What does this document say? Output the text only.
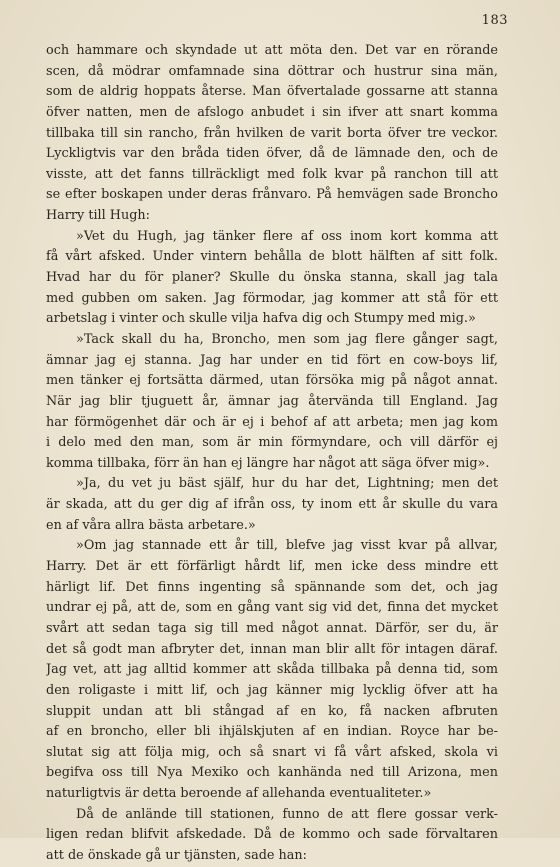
183
och hammare och skyndade ut att möta den. Det var en rörande
scen, då mödrar omfamnade sina döttrar och hustrur sina män,
som de aldrig hoppats återse. Man öfvertalade gossarne att stanna
öfver natten, men de afslogo anbudet i sin ifver att snart komma
tillbaka till sin rancho, från hvilken de varit borta öfver tre veckor.
Lyckligtvis var den bråda tiden öfver, då de lämnade den, och de
visste, att det fanns tillräckligt med folk kvar på ranchon till att
se efter boskapen under deras frånvaro. På hemvägen sade Broncho
Harry till Hugh:
»Vet du Hugh, jag tänker flere af oss inom kort komma att
få vårt afsked. Under vintern behålla de blott hälften af sitt folk.
Hvad har du för planer? Skulle du önska stanna, skall jag tala
med gubben om saken. Jag förmodar, jag kommer att stå för ett
arbetslag i vinter och skulle vilja hafva dig och Stumpy med mig.»
»Tack skall du ha, Broncho, men som jag flere gånger sagt,
ämnar jag ej stanna. Jag har under en tid fört en cow-boys lif,
men tänker ej fortsätta därmed, utan försöka mig på något annat.
När jag blir tjuguett år, ämnar jag återvända till England. Jag
har förmögenhet där och är ej i behof af att arbeta; men jag kom
i delo med den man, som är min förmyndare, och vill därför ej
komma tillbaka, förr än han ej längre har något att säga öfver mig».
»Ja, du vet ju bäst själf, hur du har det, Lightning; men det
är skada, att du ger dig af ifrån oss, ty inom ett år skulle du vara
en af våra allra bästa arbetare.»
»Om jag stannade ett år till, blefve jag visst kvar på allvar,
Harry. Det är ett förfärligt hårdt lif, men icke dess mindre ett
härligt lif. Det finns ingenting så spännande som det, och jag
undrar ej på, att de, som en gång vant sig vid det, finna det mycket
svårt att sedan taga sig till med något annat. Därför, ser du, är
det så godt man afbryter det, innan man blir allt för intagen däraf.
Jag vet, att jag alltid kommer att skåda tillbaka på denna tid, som
den roligaste i mitt lif, och jag känner mig lycklig öfver att ha
sluppit undan att bli stångad af en ko, få nacken afbruten
af en broncho, eller bli ihjälskjuten af en indian. Royce har be-
slutat sig att följa mig, och så snart vi få vårt afsked, skola vi
begifva oss till Nya Mexiko och kanhända ned till Arizona, men
naturligtvis är detta beroende af allehanda eventualiteter.»
Då de anlände till stationen, funno de att flere gossar verk-
ligen redan blifvit afskedade. Då de kommo och sade förvaltaren
att de önskade gå ur tjänsten, sade han:
